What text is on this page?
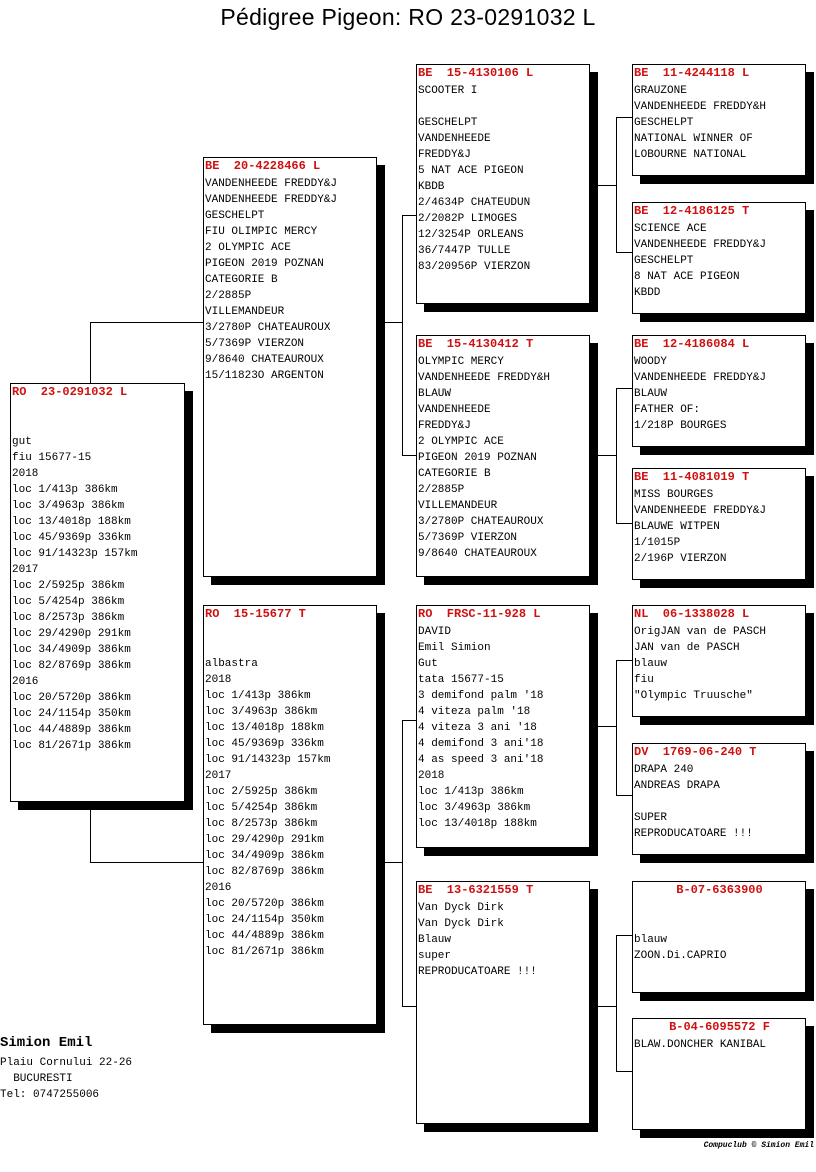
Pédigree Pigeon: RO 23-0291032 L
RO  23-0291032 L

gut
fiu 15677-15
2018
loc 1/413p 386km
loc 3/4963p 386km
loc 13/4018p 188km
loc 45/9369p 336km
loc 91/14323p 157km
2017
loc 2/5925p 386km
loc 5/4254p 386km
loc 8/2573p 386km
loc 29/4290p 291km
loc 34/4909p 386km
loc 82/8769p 386km
2016
loc 20/5720p 386km
loc 24/1154p 350km
loc 44/4889p 386km
loc 81/2671p 386km
BE  20-4228466 L
VANDENHEEDE FREDDY&J
VANDENHEEDE FREDDY&J
GESCHELPT
FIU OLIMPIC MERCY
2 OLYMPIC ACE
PIGEON 2019 POZNAN
CATEGORIE B
2/2885P
VILLEMANDEUR
3/2780P CHATEAUROUX
5/7369P VIERZON
9/8640 CHATEAUROUX
15/11823O ARGENTON
RO  15-15677 T

albastra
2018
loc 1/413p 386km
loc 3/4963p 386km
loc 13/4018p 188km
loc 45/9369p 336km
loc 91/14323p 157km
2017
loc 2/5925p 386km
loc 5/4254p 386km
loc 8/2573p 386km
loc 29/4290p 291km
loc 34/4909p 386km
loc 82/8769p 386km
2016
loc 20/5720p 386km
loc 24/1154p 350km
loc 44/4889p 386km
loc 81/2671p 386km
BE  15-4130106 L
SCOOTER I

GESCHELPT
VANDENHEEDE
FREDDY&J
5 NAT ACE PIGEON
KBDB
2/4634P CHATEUDUN
2/2082P LIMOGES
12/3254P ORLEANS
36/7447P TULLE
83/20956P VIERZON
BE  15-4130412 T
OLYMPIC MERCY
VANDENHEEDE FREDDY&H
BLAUW
VANDENHEEDE
FREDDY&J
2 OLYMPIC ACE
PIGEON 2019 POZNAN
CATEGORIE B
2/2885P
VILLEMANDEUR
3/2780P CHATEAUROUX
5/7369P VIERZON
9/8640 CHATEAUROUX
RO  FRSC-11-928 L
DAVID
Emil Simion
Gut
tata 15677-15
3 demifond palm '18
4 viteza palm '18
4 viteza 3 ani '18
4 demifond 3 ani'18
4 as speed 3 ani'18
2018
loc 1/413p 386km
loc 3/4963p 386km
loc 13/4018p 188km
BE  13-6321559 T
Van Dyck Dirk
Van Dyck Dirk
Blauw
super
REPRODUCATOARE !!!
BE  11-4244118 L
GRAUZONE
VANDENHEEDE FREDDY&H
GESCHELPT
NATIONAL WINNER OF
LOBOURNE NATIONAL
BE  12-4186125 T
SCIENCE ACE
VANDENHEEDE FREDDY&J
GESCHELPT
8 NAT ACE PIGEON
KBDD
BE  12-4186084 L
WOODY
VANDENHEEDE FREDDY&J
BLAUW
FATHER OF:
1/218P BOURGES
BE  11-4081019 T
MISS BOURGES
VANDENHEEDE FREDDY&J
BLAUWE WITPEN
1/1015P
2/196P VIERZON
NL  06-1338028 L
OrigJAN van de PASCH
JAN van de PASCH
blauw
fiu
"Olympic Truusche"
DV  1769-06-240 T
DRAPA 240
ANDREAS DRAPA

SUPER
REPRODUCATOARE !!!
B-07-6363900

blauw
ZOON.Di.CAPRIO
B-04-6095572 F
BLAW.DONCHER KANIBAL
Simion Emil
Plaiu Cornului 22-26
BUCURESTI
Tel: 0747255006
Compuclub © Simion Emil
